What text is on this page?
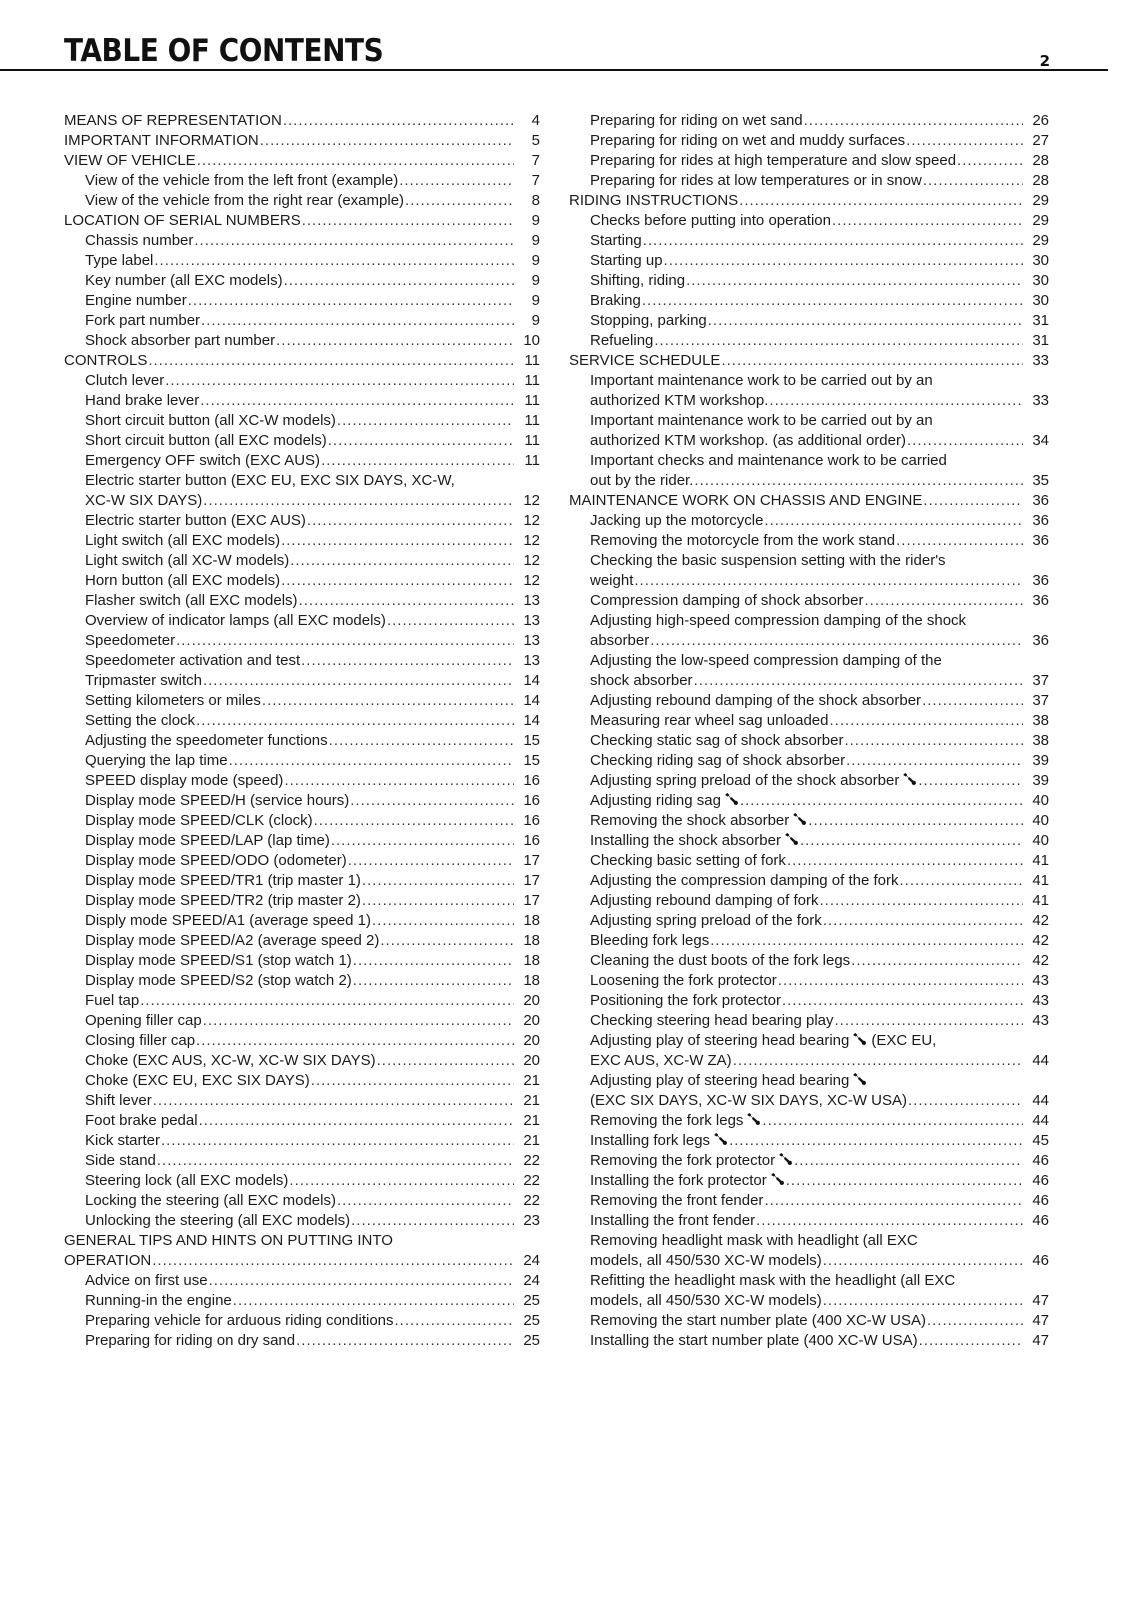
TABLE OF CONTENTS	2
MEANS OF REPRESENTATION .....	4
IMPORTANT INFORMATION .....	5
VIEW OF VEHICLE .....	7
View of the vehicle from the left front (example) .....	7
View of the vehicle from the right rear (example) .....	8
LOCATION OF SERIAL NUMBERS .....	9
Chassis number .....	9
Type label .....	9
Key number (all EXC models) .....	9
Engine number .....	9
Fork part number .....	9
Shock absorber part number .....	10
CONTROLS .....	11
Clutch lever .....	11
Hand brake lever .....	11
Short circuit button (all XC-W models) .....	11
Short circuit button (all EXC models) .....	11
Emergency OFF switch (EXC AUS) .....	11
Electric starter button (EXC EU, EXC SIX DAYS, XC-W,
XC-W SIX DAYS) .....	12
Electric starter button (EXC AUS) .....	12
Light switch (all EXC models) .....	12
Light switch (all XC-W models) .....	12
Horn button (all EXC models) .....	12
Flasher switch (all EXC models) .....	13
Overview of indicator lamps (all EXC models) .....	13
Speedometer .....	13
Speedometer activation and test .....	13
Tripmaster switch .....	14
Setting kilometers or miles .....	14
Setting the clock .....	14
Adjusting the speedometer functions .....	15
Querying the lap time .....	15
SPEED display mode (speed) .....	16
Display mode SPEED/H (service hours) .....	16
Display mode SPEED/CLK (clock) .....	16
Display mode SPEED/LAP (lap time) .....	16
Display mode SPEED/ODO (odometer) .....	17
Display mode SPEED/TR1 (trip master 1) .....	17
Display mode SPEED/TR2 (trip master 2) .....	17
Disply mode SPEED/A1 (average speed 1) .....	18
Display mode SPEED/A2 (average speed 2) .....	18
Display mode SPEED/S1 (stop watch 1) .....	18
Display mode SPEED/S2 (stop watch 2) .....	18
Fuel tap .....	20
Opening filler cap .....	20
Closing filler cap .....	20
Choke (EXC AUS, XC-W, XC-W SIX DAYS) .....	20
Choke (EXC EU, EXC SIX DAYS) .....	21
Shift lever .....	21
Foot brake pedal .....	21
Kick starter .....	21
Side stand .....	22
Steering lock (all EXC models) .....	22
Locking the steering (all EXC models) .....	22
Unlocking the steering (all EXC models) .....	23
GENERAL TIPS AND HINTS ON PUTTING INTO
OPERATION .....	24
Advice on first use .....	24
Running-in the engine .....	25
Preparing vehicle for arduous riding conditions .....	25
Preparing for riding on dry sand .....	25
Preparing for riding on wet sand .....	26
Preparing for riding on wet and muddy surfaces .....	27
Preparing for rides at high temperature and slow speed .....	28
Preparing for rides at low temperatures or in snow .....	28
RIDING INSTRUCTIONS .....	29
Checks before putting into operation .....	29
Starting .....	29
Starting up .....	30
Shifting, riding .....	30
Braking .....	30
Stopping, parking .....	31
Refueling .....	31
SERVICE SCHEDULE .....	33
Important maintenance work to be carried out by an
authorized KTM workshop. .....	33
Important maintenance work to be carried out by an
authorized KTM workshop. (as additional order) .....	34
Important checks and maintenance work to be carried
out by the rider. .....	35
MAINTENANCE WORK ON CHASSIS AND ENGINE .....	36
Jacking up the motorcycle .....	36
Removing the motorcycle from the work stand .....	36
Checking the basic suspension setting with the rider's
weight .....	36
Compression damping of shock absorber .....	36
Adjusting high-speed compression damping of the shock
absorber .....	36
Adjusting the low-speed compression damping of the
shock absorber .....	37
Adjusting rebound damping of the shock absorber .....	37
Measuring rear wheel sag unloaded .....	38
Checking static sag of shock absorber .....	38
Checking riding sag of shock absorber .....	39
Adjusting spring preload of the shock absorber .....	39
Adjusting riding sag .....	40
Removing the shock absorber .....	40
Installing the shock absorber .....	40
Checking basic setting of fork .....	41
Adjusting the compression damping of the fork .....	41
Adjusting rebound damping of fork .....	41
Adjusting spring preload of the fork .....	42
Bleeding fork legs .....	42
Cleaning the dust boots of the fork legs .....	42
Loosening the fork protector .....	43
Positioning the fork protector .....	43
Checking steering head bearing play .....	43
Adjusting play of steering head bearing (EXC EU,
EXC AUS, XC-W ZA) .....	44
Adjusting play of steering head bearing
(EXC SIX DAYS, XC-W SIX DAYS, XC-W USA) .....	44
Removing the fork legs .....	44
Installing fork legs .....	45
Removing the fork protector .....	46
Installing the fork protector .....	46
Removing the front fender .....	46
Installing the front fender .....	46
Removing headlight mask with headlight (all EXC
models, all 450/530 XC-W models) .....	46
Refitting the headlight mask with the headlight (all EXC
models, all 450/530 XC-W models) .....	47
Removing the start number plate (400 XC-W USA) .....	47
Installing the start number plate (400 XC-W USA) .....	47
